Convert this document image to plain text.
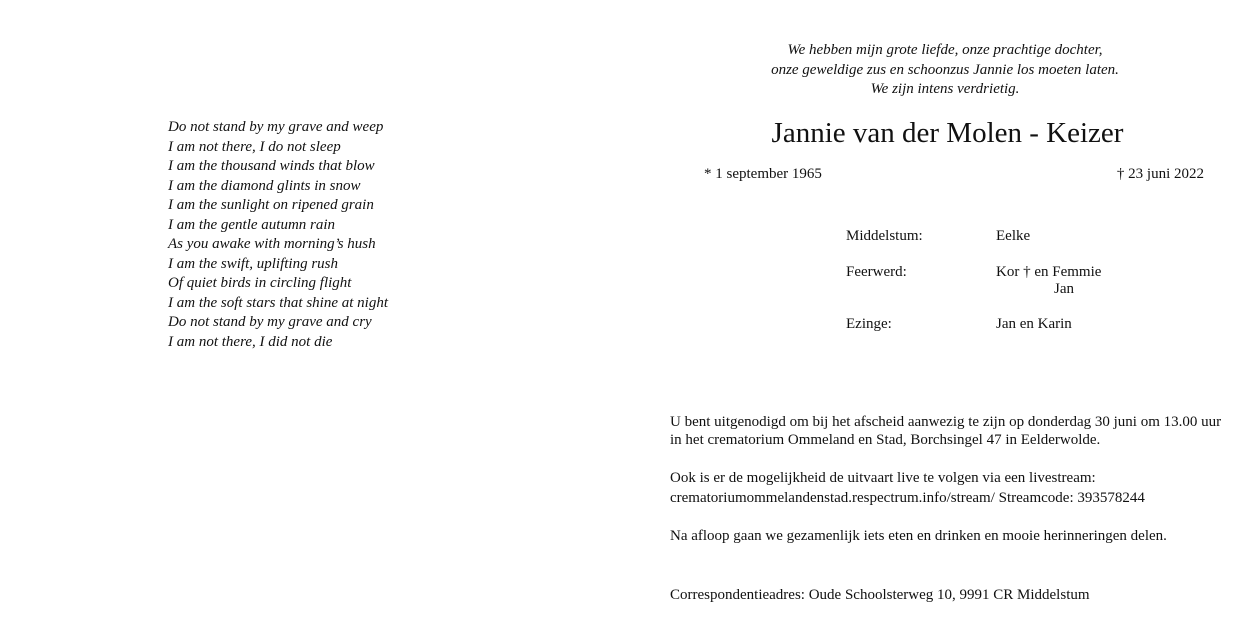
Do not stand by my grave and weep
I am not there, I do not sleep
I am the thousand winds that blow
I am the diamond glints in snow
I am the sunlight on ripened grain
I am the gentle autumn rain
As you awake with morning’s hush
I am the swift, uplifting rush
Of quiet birds in circling flight
I am the soft stars that shine at night
Do not stand by my grave and cry
I am not there, I did not die
We hebben mijn grote liefde, onze prachtige dochter,
onze geweldige zus en schoonzus Jannie los moeten laten.
We zijn intens verdrietig.
Jannie van der Molen - Keizer
* 1 september 1965	† 23 juni 2022
Middelstum:	Eelke
Feerwerd:	Kor † en Femmie
Jan
Ezinge:	Jan en Karin

U bent uitgenodigd om bij het afscheid aanwezig te zijn op donderdag 30 juni om 13.00 uur in het crematorium Ommeland en Stad, Borchsingel 47 in Eelderwolde.

Ook is er de mogelijkheid de uitvaart live te volgen via een livestream:
crematoriumommelandenstad.respectrum.info/stream/ Streamcode: 393578244

Na afloop gaan we gezamenlijk iets eten en drinken en mooie herinneringen delen.

Correspondentieadres: Oude Schoolsterweg 10, 9991 CR Middelstum
